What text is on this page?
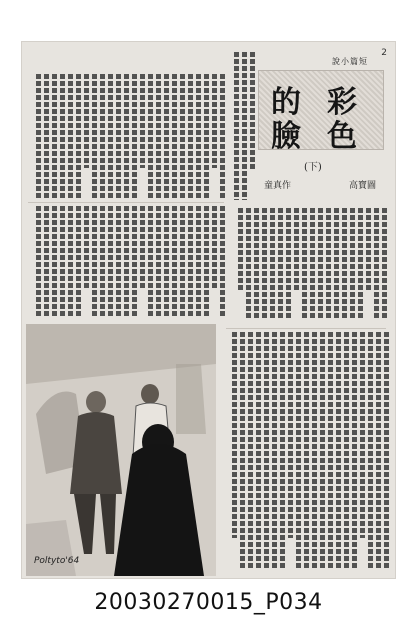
2
說小篇短
彩
色
的
臉
(下)
童真作	高寶圖
Poltyto'64
20030270015_P034
